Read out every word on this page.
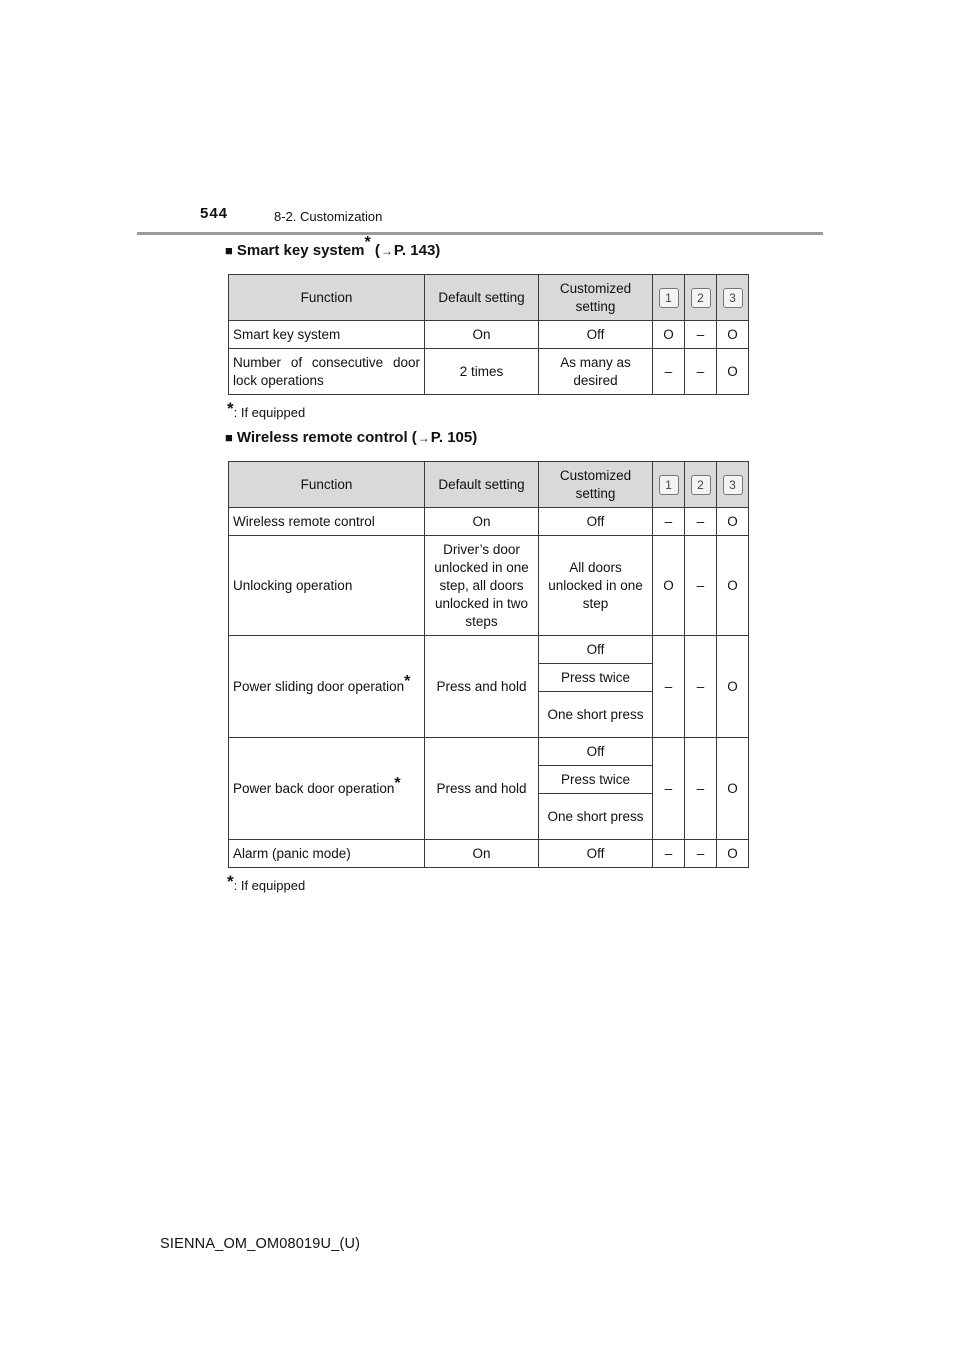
544	8-2. Customization
■ Smart key system* (→P. 143)
Function	Default setting	Customized setting	1	2	3
Smart key system	On	Off	O	–	O
Number of consecutive door lock operations	2 times	As many as desired	–	–	O
*: If equipped
■ Wireless remote control (→P. 105)
Function	Default setting	Customized setting	1	2	3
Wireless remote control	On	Off	–	–	O
Unlocking operation	Driver’s door unlocked in one step, all doors unlocked in two steps	All doors unlocked in one step	O	–	O
Power sliding door operation*	Press and hold	Off	–	–	O
		Press twice			
		One short press			
Power back door operation*	Press and hold	Off	–	–	O
		Press twice			
		One short press			
Alarm (panic mode)	On	Off	–	–	O
*: If equipped
SIENNA_OM_OM08019U_(U)
